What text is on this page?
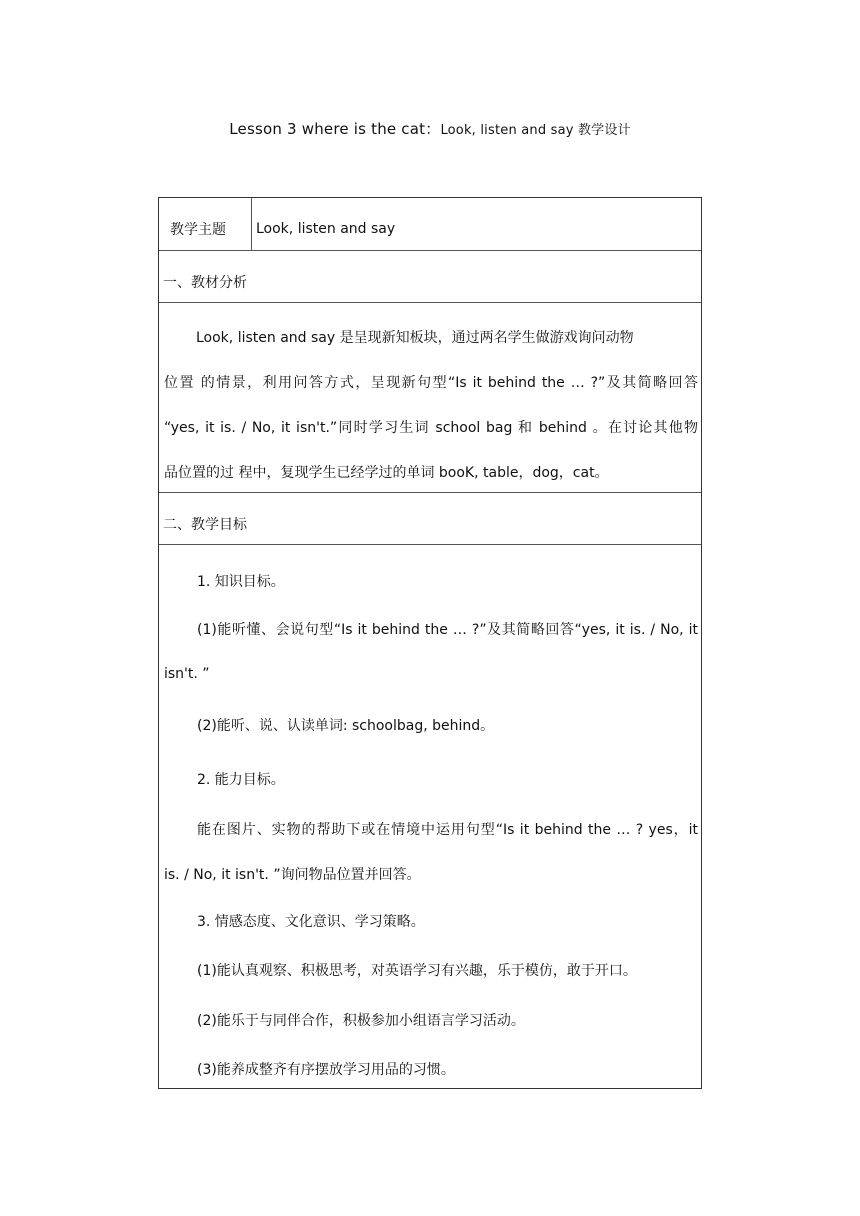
Lesson 3 where is the cat：Look, listen and say 教学设计
教学主题 Look, listen and say
一、教材分析
Look, listen and say 是呈现新知板块，通过两名学生做游戏询问动物
位置 的情景，利用问答方式，呈现新句型“Is it behind the … ?”及其简略回答
“yes, it is. / No, it isn't.”同时学习生词 school bag 和 behind 。在讨论其他物
品位置的过 程中，复现学生已经学过的单词 booK, table，dog，cat。
二、教学目标
1. 知识目标。
(1)能听懂、会说句型“Is it behind the … ?”及其简略回答“yes, it is. / No, it
isn't. ”
(2)能听、说、认读单词: schoolbag, behind。
2. 能力目标。
能在图片、实物的帮助下或在情境中运用句型“Is it behind the … ? yes，it
is. / No, it isn't. ”询问物品位置并回答。
3. 情感态度、文化意识、学习策略。
(1)能认真观察、积极思考，对英语学习有兴趣，乐于模仿，敢于开口。
(2)能乐于与同伴合作，积极参加小组语言学习活动。
(3)能养成整齐有序摆放学习用品的习惯。
